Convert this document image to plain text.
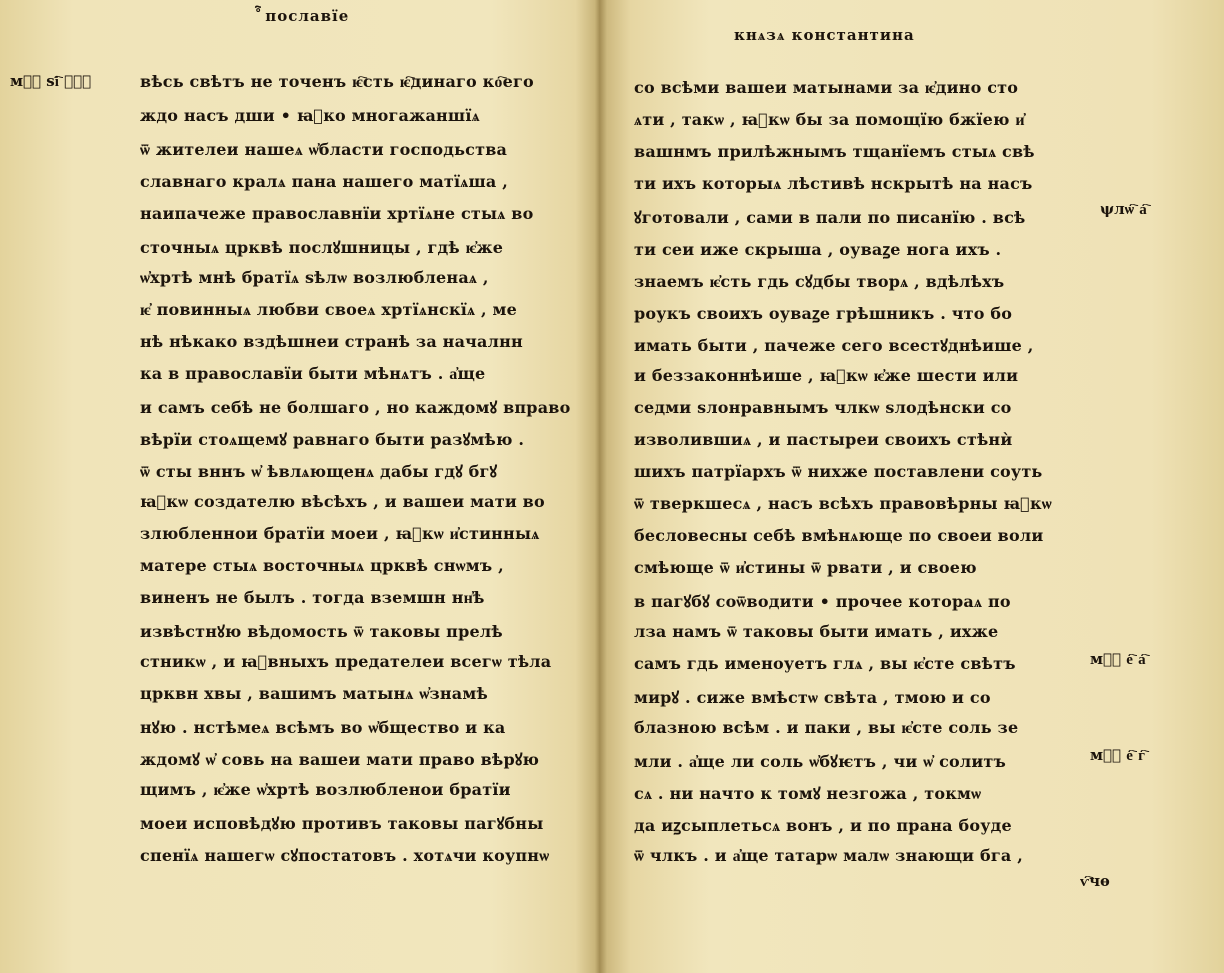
ⷪ҇ пославїе
мⷶ҇ ѕі҇ ꙁⷶ҇	вѣсь свѣтъ не точенъ ѥ҇сть ѥ҇динаго ко҇его
ждо насъ дши • ꙗ҆ко многажаншїѧ
ѿ жителеи нашеѧ ѡ҆бласти господьства
славнаго кралѧ пана нашего матїѧша ,
наипачеже православнїи хртїѧне стыѧ во
сточныѧ црквѣ послꙋшницы , гдѣ ѥ҆же
ѡ҆хртѣ мнѣ братїѧ ѕѣлѡ возлюбленаѧ ,
ѥ҆ повинныѧ любви своеѧ хртїѧнскїѧ , ме
нѣ нѣкако вздѣшнеи странѣ за началнн
ка в православїи быти мѣнѧтъ . а҆ще
и самъ себѣ не болшаго , но каждомꙋ вправо
вѣрїи стоѧщемꙋ равнаго быти разꙋмѣю .
ѿ сты вннъ ѡ҆ ѣвлѧющенѧ дабы гдꙋ бгꙋ
ꙗ҆кѡ создателю вѣсѣхъ , и вашеи мати во
злюбленнои братїи моеи , ꙗ҆кѡ и҆стинныѧ
матере стыѧ восточныѧ црквѣ снѡмъ ,
виненъ не былъ . тогда вземшн нн҆ѣ
извѣстнꙋю вѣдомость ѿ таковы прелѣ
стникѡ , и ꙗ҆вныхъ предателеи всегѡ тѣла
црквн хвы , вашимъ матынѧ ѡ҆знамѣ
нꙋю . нстѣмеѧ всѣмъ во ѡ҆бщество и ка
ждомꙋ ѡ҆ совь на вашеи мати право вѣрꙋю
щимъ , ѥ҆же ѡ҆хртѣ возлюбленои братїи
моеи исповѣдꙋю противъ таковы пагꙋбны
спенїѧ нашегѡ сꙋпостатовъ . хотѧчи коупнѡ
кнѧзѧ константина
ψлѡ҇ а҇
мⷶ҇ е҇ а҇
мⷶ҇ е҇ г҇
со всѣми вашеи матынами за ѥ҆дино сто
ѧти , такѡ , ꙗ҆кѡ бы за помощїю бжїею и҆
вашнмъ прилѣжнымъ тщанїемъ стыѧ свѣ
ти ихъ которыѧ лѣстивѣ нскрытѣ на насъ
ꙋготовали , сами в пали по писанїю . всѣ
ти сеи иже скрыша , оуваꙁе нога ихъ .
знаемъ ѥ҆сть гдь сꙋдбы творѧ , вдѣлѣхъ
роукъ своихъ оуваꙁе грѣшникъ . что бо
имать быти , пачеже сего всестꙋднѣише ,
и беззаконнѣише , ꙗ҆кѡ ѥ҆же шести или
седми ѕлонравнымъ члкѡ ѕлодѣнски со
изволившиѧ , и пастыреи своихъ стѣнѝ
шихъ патрїархъ ѿ нихже поставлени соуть
ѿ тверкшесѧ , насъ всѣхъ правовѣрны ꙗ҆кѡ
бесловесны себѣ вмѣнѧюще по своеи воли
смѣюще ѿ и҆стины ѿ рвати , и своею
в пагꙋбꙋ соѿводити • прочее котораѧ по
лза намъ ѿ таковы быти имать , ихже
самъ гдь именоуетъ глѧ , вы ѥ҆сте свѣтъ
мирꙋ . сиже вмѣстѡ свѣта , тмою и со
блазною всѣм . и паки , вы ѥ҆сте соль зе
мли . а҆ще ли соль ѡ҆бꙋѥтъ , чи ѡ҆ солитъ
сѧ . ни начто к томꙋ незгожа , токмѡ
да иꙁсыплетьсѧ вонъ , и по прана боуде
ѿ члкъ . и а҆ще татарѡ малѡ знающи бга ,
ѵ҇чѳ
